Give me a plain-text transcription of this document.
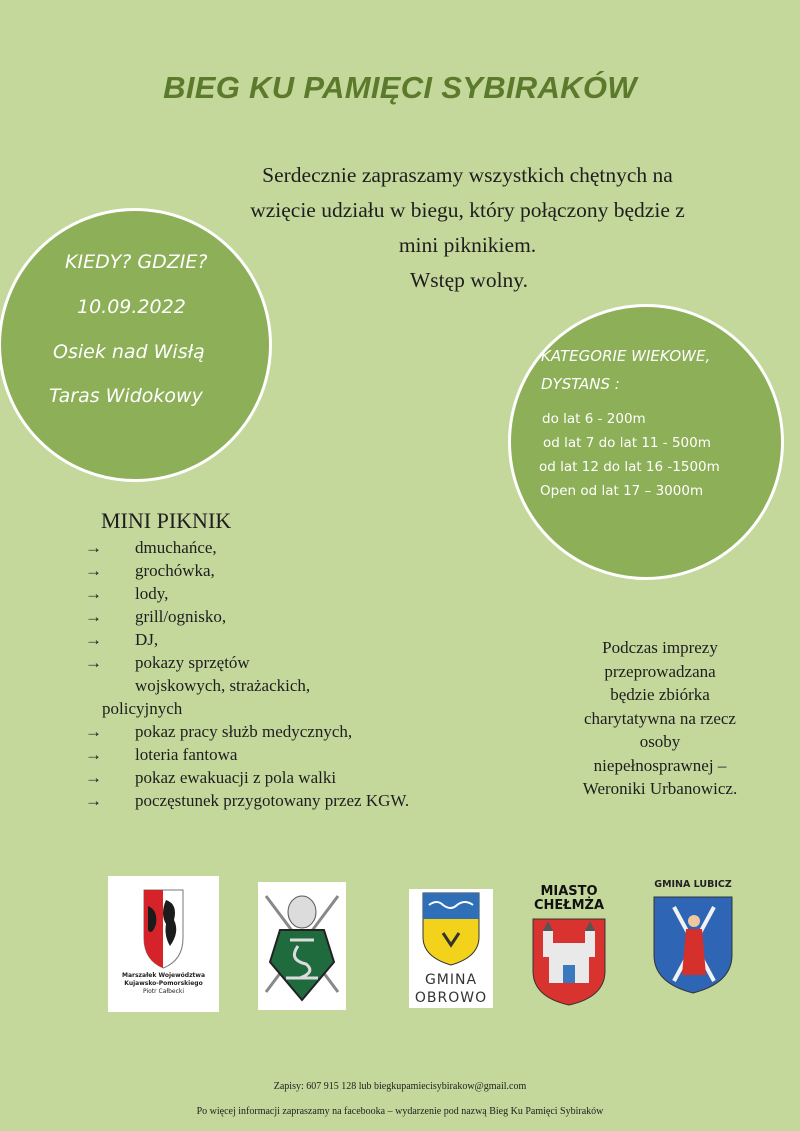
BIEG KU PAMIĘCI SYBIRAKÓW
Serdecznie zapraszamy wszystkich chętnych na
wzięcie udziału w biegu, który połączony będzie z
mini piknikiem.
Wstęp wolny.
KIEDY? GDZIE?
10.09.2022
Osiek nad Wisłą
Taras Widokowy
KATEGORIE WIEKOWE,
DYSTANS :
do lat 6 - 200m
od lat 7 do lat 11 - 500m
od lat 12 do lat 16 -1500m
Open od lat 17 – 3000m
MINI PIKNIK
→ dmuchańce,
→ grochówka,
→ lody,
→ grill/ognisko,
→ DJ,
→ pokazy sprzętów
wojskowych, strażackich,
policyjnych
→ pokaz pracy służb medycznych,
→ loteria fantowa
→ pokaz ewakuacji z pola walki
→ poczęstunek przygotowany przez KGW.
Podczas imprezy
przeprowadzana
będzie zbiórka
charytatywna na rzecz
osoby
niepełnosprawnej –
Weroniki Urbanowicz.
Marszałek Województwa
Kujawsko-Pomorskiego
Piotr Całbecki
GMINA
OBROWO
MIASTO
CHEŁMŻA
GMINA LUBICZ
Zapisy: 607 915 128 lub biegkupamiecisybirakow@gmail.com
Po więcej informacji zapraszamy na facebooka – wydarzenie pod nazwą Bieg Ku Pamięci Sybiraków
